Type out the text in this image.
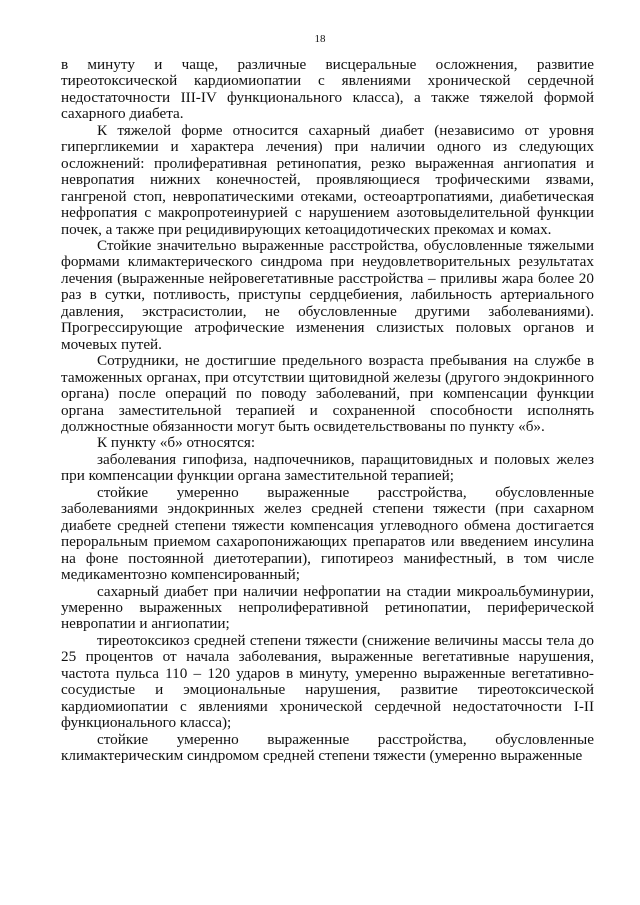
18

в минуту и чаще, различные висцеральные осложнения, развитие тиреотоксической кардиомиопатии с явлениями хронической сердечной недостаточности III-IV функционального класса), а также тяжелой формой сахарного диабета.

К тяжелой форме относится сахарный диабет (независимо от уровня гипергликемии и характера лечения) при наличии одного из следующих осложнений: пролиферативная ретинопатия, резко выраженная ангиопатия и невропатия нижних конечностей, проявляющиеся трофическими язвами, гангреной стоп, невропатическими отеками, остеоартропатиями, диабетическая нефропатия с макропротеинурией с нарушением азотовыделительной функции почек, а также при рецидивирующих кетоацидотических прекомах и комах.

Стойкие значительно выраженные расстройства, обусловленные тяжелыми формами климактерического синдрома при неудовлетворительных результатах лечения (выраженные нейровегетативные расстройства – приливы жара более 20 раз в сутки, потливость, приступы сердцебиения, лабильность артериального давления, экстрасистолии, не обусловленные другими заболеваниями). Прогрессирующие атрофические изменения слизистых половых органов и мочевых путей.

Сотрудники, не достигшие предельного возраста пребывания на службе в таможенных органах, при отсутствии щитовидной железы (другого эндокринного органа) после операций по поводу заболеваний, при компенсации функции органа заместительной терапией и сохраненной способности исполнять должностные обязанности могут быть освидетельствованы по пункту «б».

К пункту «б» относятся:

заболевания гипофиза, надпочечников, паращитовидных и половых желез при компенсации функции органа заместительной терапией;

стойкие умеренно выраженные расстройства, обусловленные заболеваниями эндокринных желез средней степени тяжести (при сахарном диабете средней степени тяжести компенсация углеводного обмена достигается пероральным приемом сахаропонижающих препаратов или введением инсулина на фоне постоянной диетотерапии), гипотиреоз манифестный, в том числе медикаментозно компенсированный;

сахарный диабет при наличии нефропатии на стадии микроальбуминурии, умеренно выраженных непролиферативной ретинопатии, периферической невропатии и ангиопатии;

тиреотоксикоз средней степени тяжести (снижение величины массы тела до 25 процентов от начала заболевания, выраженные вегетативные нарушения, частота пульса 110 – 120 ударов в минуту, умеренно выраженные вегетативно-сосудистые и эмоциональные нарушения, развитие тиреотоксической кардиомиопатии с явлениями хронической сердечной недостаточности I-II функционального класса);

стойкие умеренно выраженные расстройства, обусловленные климактерическим синдромом средней степени тяжести (умеренно выраженные
